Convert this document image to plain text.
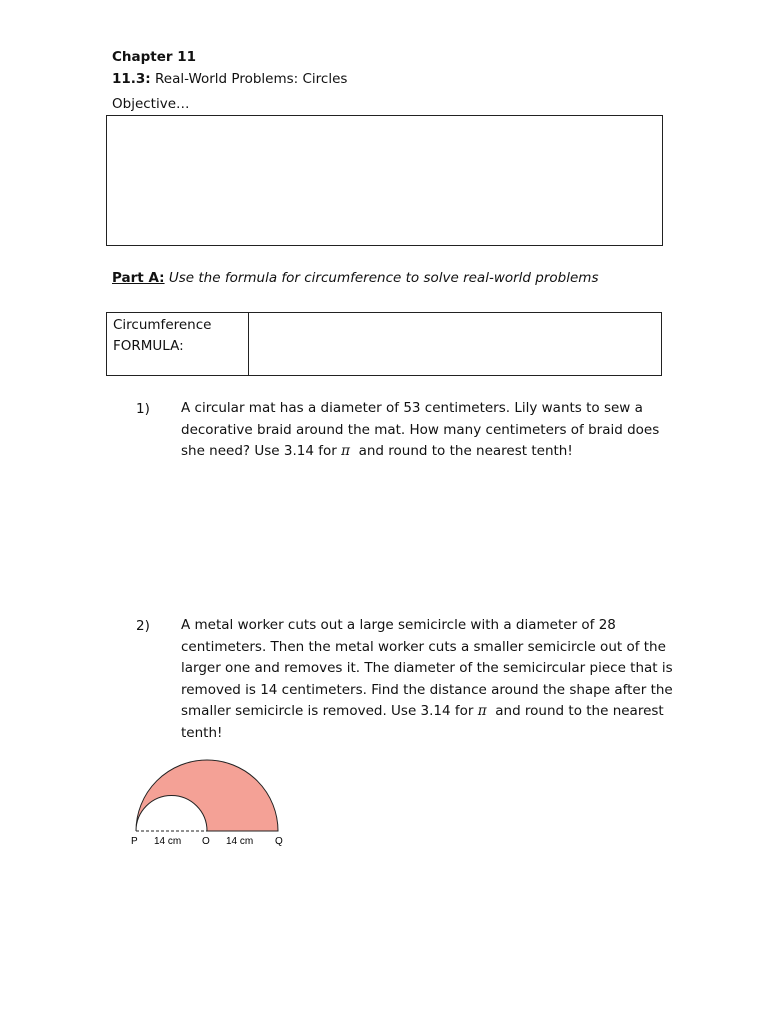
Chapter 11
11.3: Real-World Problems: Circles
Objective…
Part A: Use the formula for circumference to solve real-world problems
Circumference
FORMULA:
1) A circular mat has a diameter of 53 centimeters. Lily wants to sew a
decorative braid around the mat. How many centimeters of braid does
she need? Use 3.14 for π and round to the nearest tenth!
2) A metal worker cuts out a large semicircle with a diameter of 28
centimeters. Then the metal worker cuts a smaller semicircle out of the
larger one and removes it. The diameter of the semicircular piece that is
removed is 14 centimeters. Find the distance around the shape after the
smaller semicircle is removed. Use 3.14 for π and round to the nearest
tenth!
P 14 cm O 14 cm Q
